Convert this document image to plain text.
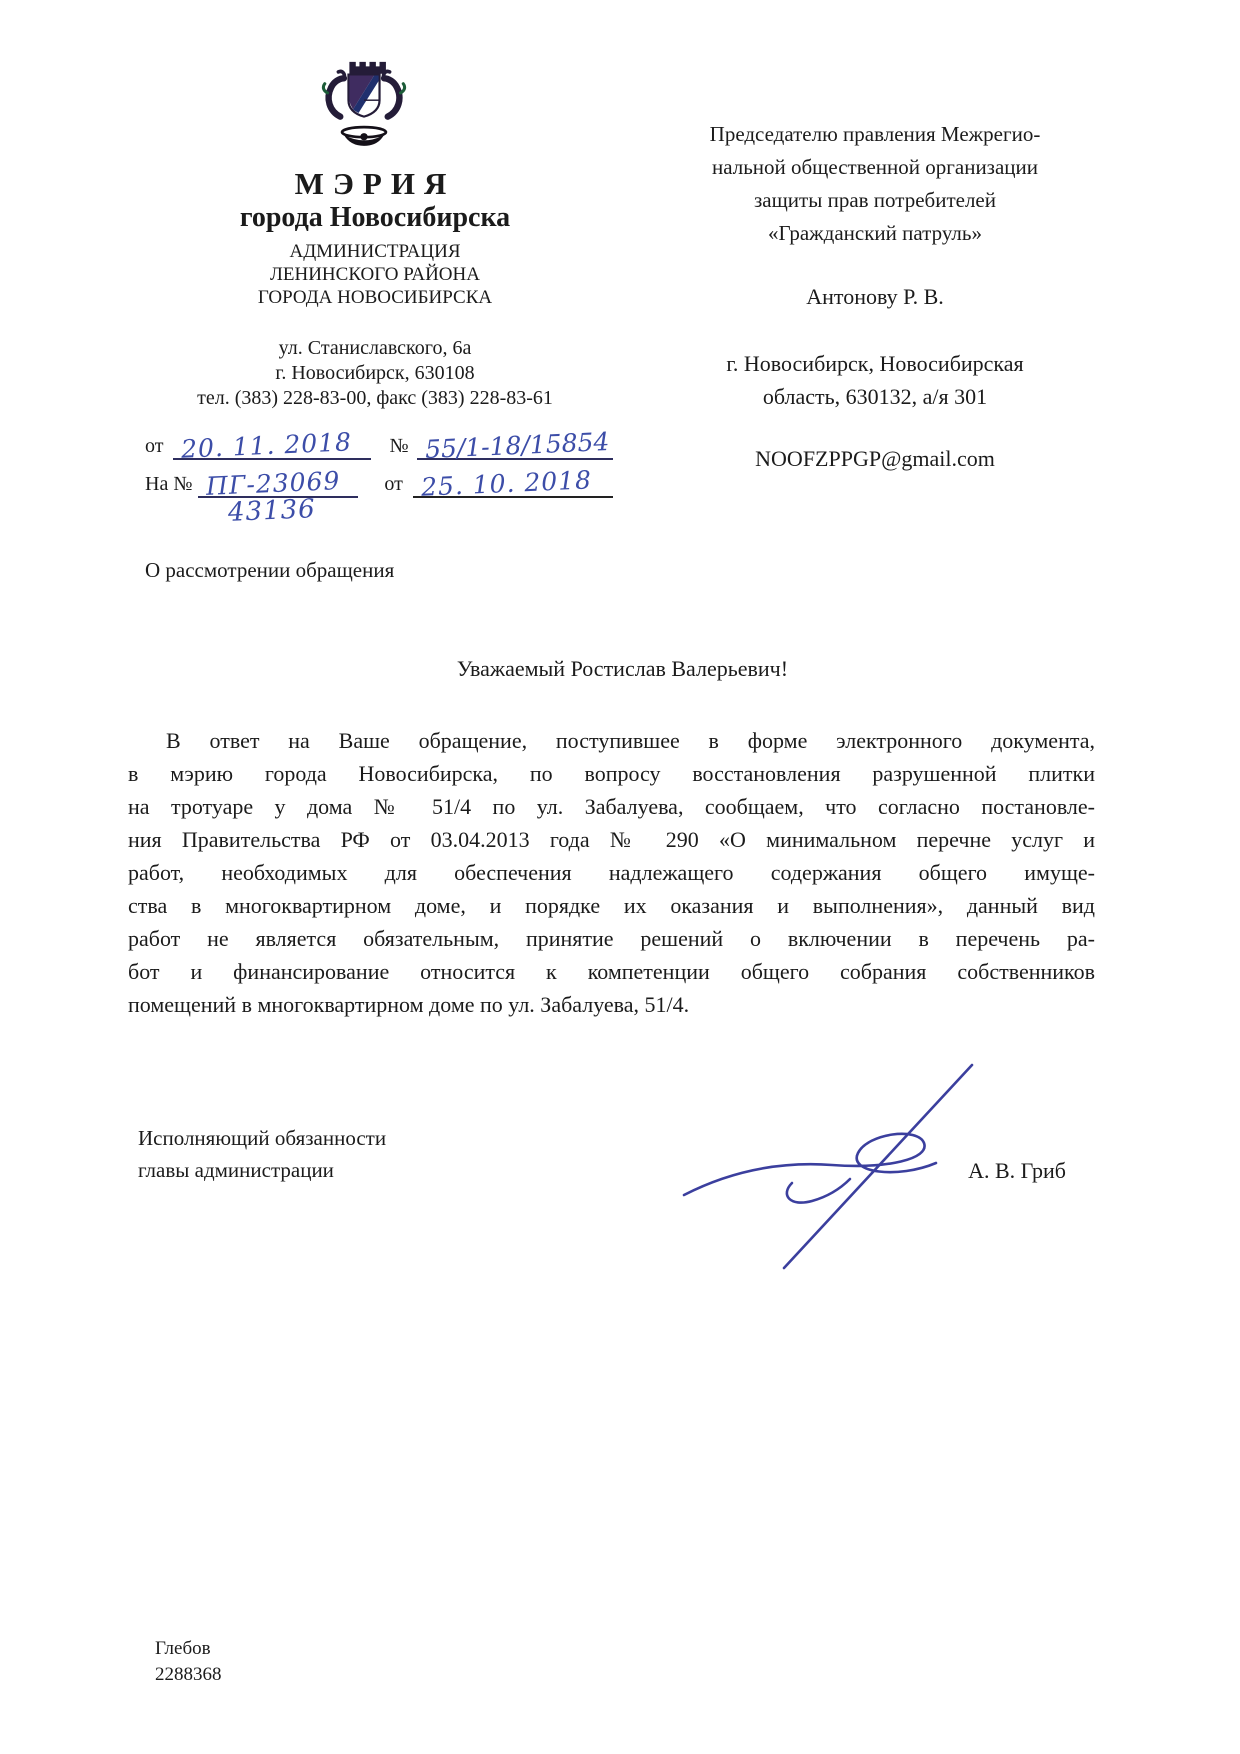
МЭРИЯ
города Новосибирска
АДМИНИСТРАЦИЯ
ЛЕНИНСКОГО РАЙОНА
ГОРОДА НОВОСИБИРСКА
ул. Станиславского, 6а
г. Новосибирск, 630108
тел. (383) 228-83-00, факс (383) 228-83-61
от 20. 11. 2018 № 55/1-18/15854
На № ПГ-23069 от 25. 10. 2018
43136
Председателю правления Межрегио-
нальной общественной организации
защиты прав потребителей
«Гражданский патруль»
Антонову Р. В.
г. Новосибирск, Новосибирская
область, 630132, а/я 301
NOOFZPPGP@gmail.com
О рассмотрении обращения
Уважаемый Ростислав Валерьевич!
В ответ на Ваше обращение, поступившее в форме электронного документа,
в мэрию города Новосибирска, по вопросу восстановления разрушенной плитки
на тротуаре у дома № 51/4 по ул. Забалуева, сообщаем, что согласно постановле-
ния Правительства РФ от 03.04.2013 года № 290 «О минимальном перечне услуг и
работ, необходимых для обеспечения надлежащего содержания общего имуще-
ства в многоквартирном доме, и порядке их оказания и выполнения», данный вид
работ не является обязательным, принятие решений о включении в перечень ра-
бот и финансирование относится к компетенции общего собрания собственников
помещений в многоквартирном доме по ул. Забалуева, 51/4.
Исполняющий обязанности
главы администрации	А. В. Гриб
Глебов
2288368
